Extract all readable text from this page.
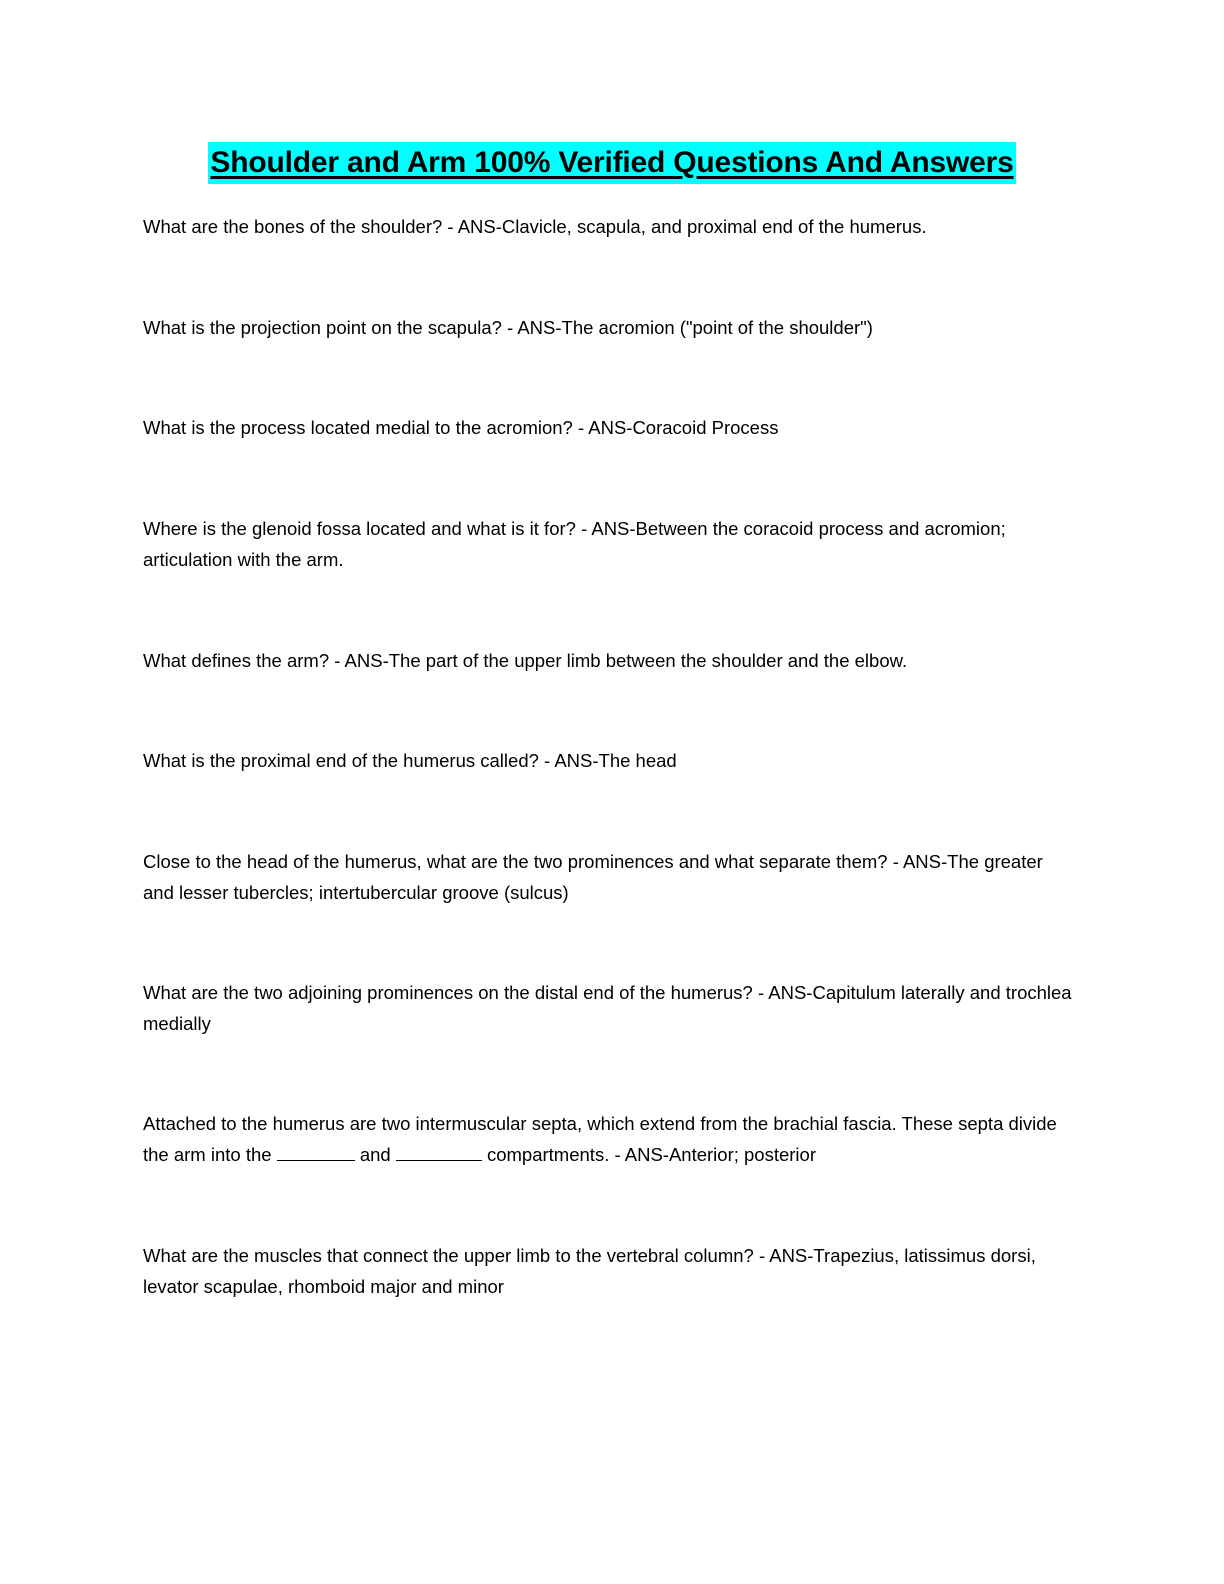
Shoulder and Arm 100% Verified Questions And Answers

What are the bones of the shoulder? - ANS-Clavicle, scapula, and proximal end of the humerus.

What is the projection point on the scapula? - ANS-The acromion ("point of the shoulder")

What is the process located medial to the acromion? - ANS-Coracoid Process

Where is the glenoid fossa located and what is it for? - ANS-Between the coracoid process and acromion; articulation with the arm.

What defines the arm? - ANS-The part of the upper limb between the shoulder and the elbow.

What is the proximal end of the humerus called? - ANS-The head

Close to the head of the humerus, what are the two prominences and what separate them? - ANS-The greater and lesser tubercles; intertubercular groove (sulcus)

What are the two adjoining prominences on the distal end of the humerus? - ANS-Capitulum laterally and trochlea medially

Attached to the humerus are two intermuscular septa, which extend from the brachial fascia. These septa divide the arm into the	and	compartments. - ANS-Anterior; posterior

What are the muscles that connect the upper limb to the vertebral column? - ANS-Trapezius, latissimus dorsi, levator scapulae, rhomboid major and minor
